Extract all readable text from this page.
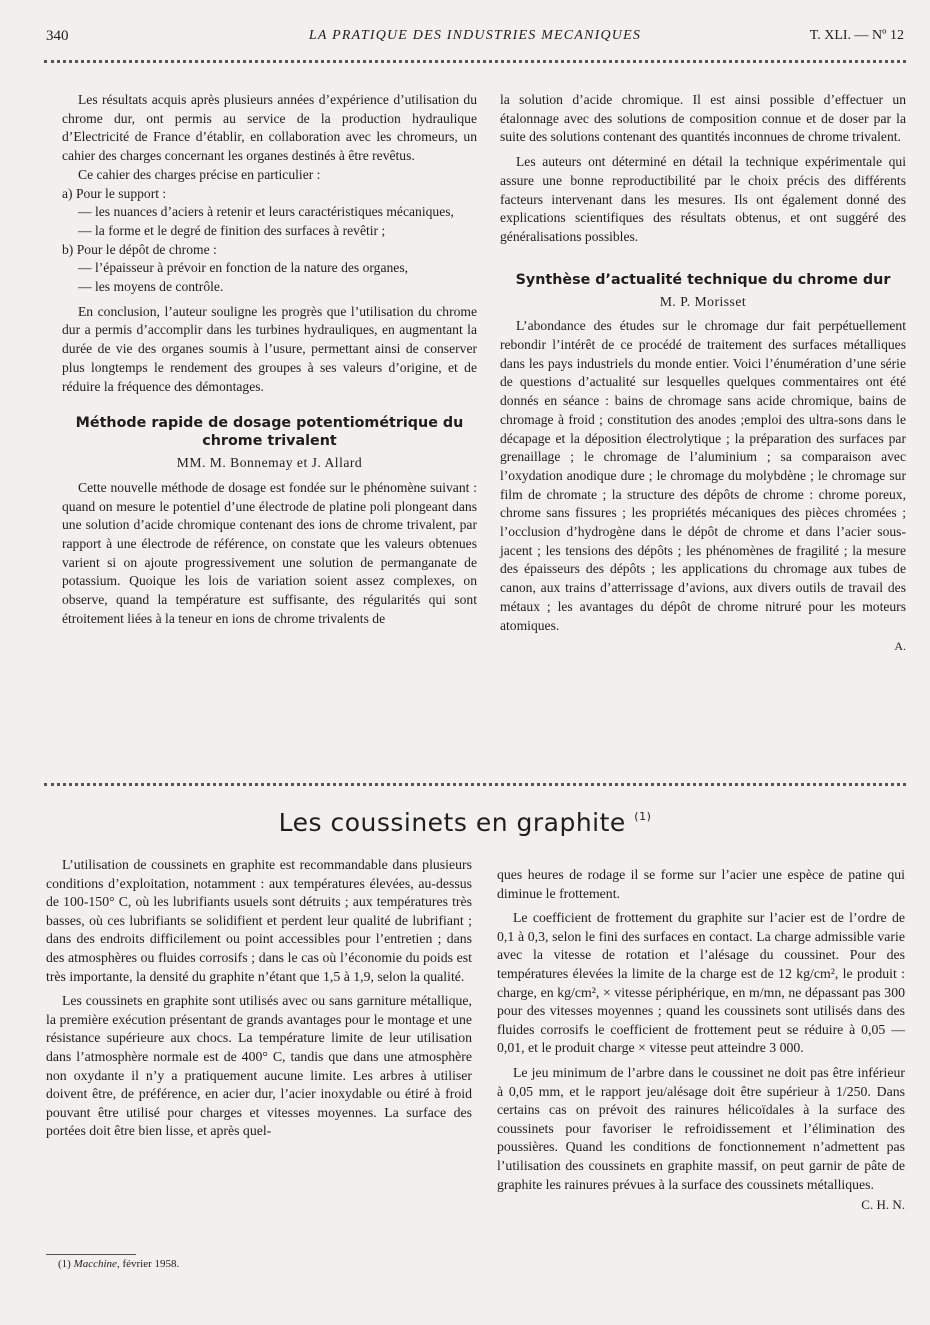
340	LA PRATIQUE DES INDUSTRIES MECANIQUES	T. XLI. — Nº 12

Les résultats acquis après plusieurs années d’expérience d’utilisation du chrome dur, ont permis au service de la production hydraulique d’Electricité de France d’établir, en collaboration avec les chromeurs, un cahier des charges concernant les organes destinés à être revêtus.

Ce cahier des charges précise en particulier :

a) Pour le support :

— les nuances d’aciers à retenir et leurs caractéristiques mécaniques,

— la forme et le degré de finition des surfaces à revêtir ;

b) Pour le dépôt de chrome :

— l’épaisseur à prévoir en fonction de la nature des organes,

— les moyens de contrôle.

En conclusion, l’auteur souligne les progrès que l’utilisation du chrome dur a permis d’accomplir dans les turbines hydrauliques, en augmentant la durée de vie des organes soumis à l’usure, permettant ainsi de conserver plus longtemps le rendement des groupes à ses valeurs d’origine, et de réduire la fréquence des démontages.

Méthode rapide de dosage potentiométrique du chrome trivalent
MM. M. Bonnemay et J. Allard

Cette nouvelle méthode de dosage est fondée sur le phénomène suivant : quand on mesure le potentiel d’une électrode de platine poli plongeant dans une solution d’acide chromique contenant des ions de chrome trivalent, par rapport à une électrode de référence, on constate que les valeurs obtenues varient si on ajoute progressivement une solution de permanganate de potassium. Quoique les lois de variation soient assez complexes, on observe, quand la température est suffisante, des régularités qui sont étroitement liées à la teneur en ions de chrome trivalents de

la solution d’acide chromique. Il est ainsi possible d’effectuer un étalonnage avec des solutions de composition connue et de doser par la suite des solutions contenant des quantités inconnues de chrome trivalent.

Les auteurs ont déterminé en détail la technique expérimentale qui assure une bonne reproductibilité par le choix précis des différents facteurs intervenant dans les mesures. Ils ont également donné des explications scientifiques des résultats obtenus, et ont suggéré des généralisations possibles.

Synthèse d’actualité technique du chrome dur
M. P. Morisset

L’abondance des études sur le chromage dur fait perpétuellement rebondir l’intérêt de ce procédé de traitement des surfaces métalliques dans les pays industriels du monde entier. Voici l’énumération d’une série de questions d’actualité sur lesquelles quelques commentaires ont été donnés en séance : bains de chromage sans acide chromique, bains de chromage à froid ; constitution des anodes ;emploi des ultra-sons dans le décapage et la déposition électrolytique ; la préparation des surfaces par grenaillage ; le chromage de l’aluminium ; sa comparaison avec l’oxydation anodique dure ; le chromage du molybdène ; le chromage sur film de chromate ; la structure des dépôts de chrome : chrome poreux, chrome sans fissures ; les propriétés mécaniques des pièces chromées ; l’occlusion d’hydrogène dans le dépôt de chrome et dans l’acier sous-jacent ; les tensions des dépôts ; les phénomènes de fragilité ; la mesure des épaisseurs des dépôts ; les applications du chromage aux tubes de canon, aux trains d’atterrissage d’avions, aux divers outils de travail des métaux ; les avantages du dépôt de chrome nitruré pour les moteurs atomiques.

A.
Les coussinets en graphite $^{(1)}$

L’utilisation de coussinets en graphite est recommandable dans plusieurs conditions d’exploitation, notamment : aux températures élevées, au-dessus de 100-150° C, où les lubrifiants usuels sont détruits ; aux températures très basses, où ces lubrifiants se solidifient et perdent leur qualité de lubrifiant ; dans des endroits difficilement ou point accessibles pour l’entretien ; dans des atmosphères ou fluides corrosifs ; dans le cas où l’économie du poids est très importante, la densité du graphite n’étant que 1,5 à 1,9, selon la qualité.

Les coussinets en graphite sont utilisés avec ou sans garniture métallique, la première exécution présentant de grands avantages pour le montage et une résistance supérieure aux chocs. La température limite de leur utilisation dans l’atmosphère normale est de 400° C, tandis que dans une atmosphère non oxydante il n’y a pratiquement aucune limite. Les arbres à utiliser doivent être, de préférence, en acier dur, l’acier inoxydable ou étiré à froid pouvant être utilisé pour charges et vitesses moyennes. La surface des portées doit être bien lisse, et après quel-

ques heures de rodage il se forme sur l’acier une espèce de patine qui diminue le frottement.

Le coefficient de frottement du graphite sur l’acier est de l’ordre de 0,1 à 0,3, selon le fini des surfaces en contact. La charge admissible varie avec la vitesse de rotation et l’alésage du coussinet. Pour des températures élevées la limite de la charge est de 12 kg/cm², le produit : charge, en kg/cm², × vitesse périphérique, en m/mn, ne dépassant pas 300 pour des vitesses moyennes ; quand les coussinets sont utilisés dans des fluides corrosifs le coefficient de frottement peut se réduire à 0,05 — 0,01, et le produit charge × vitesse peut atteindre 3 000.

Le jeu minimum de l’arbre dans le coussinet ne doit pas être inférieur à 0,05 mm, et le rapport jeu/alésage doit être supérieur à 1/250. Dans certains cas on prévoit des rainures hélicoïdales à la surface des coussinets pour favoriser le refroidissement et l’élimination des poussières. Quand les conditions de fonctionnement n’admettent pas l’utilisation des coussinets en graphite massif, on peut garnir de pâte de graphite les rainures prévues à la surface des coussinets métalliques.

C. H. N.
(1) Macchine, février 1958.
